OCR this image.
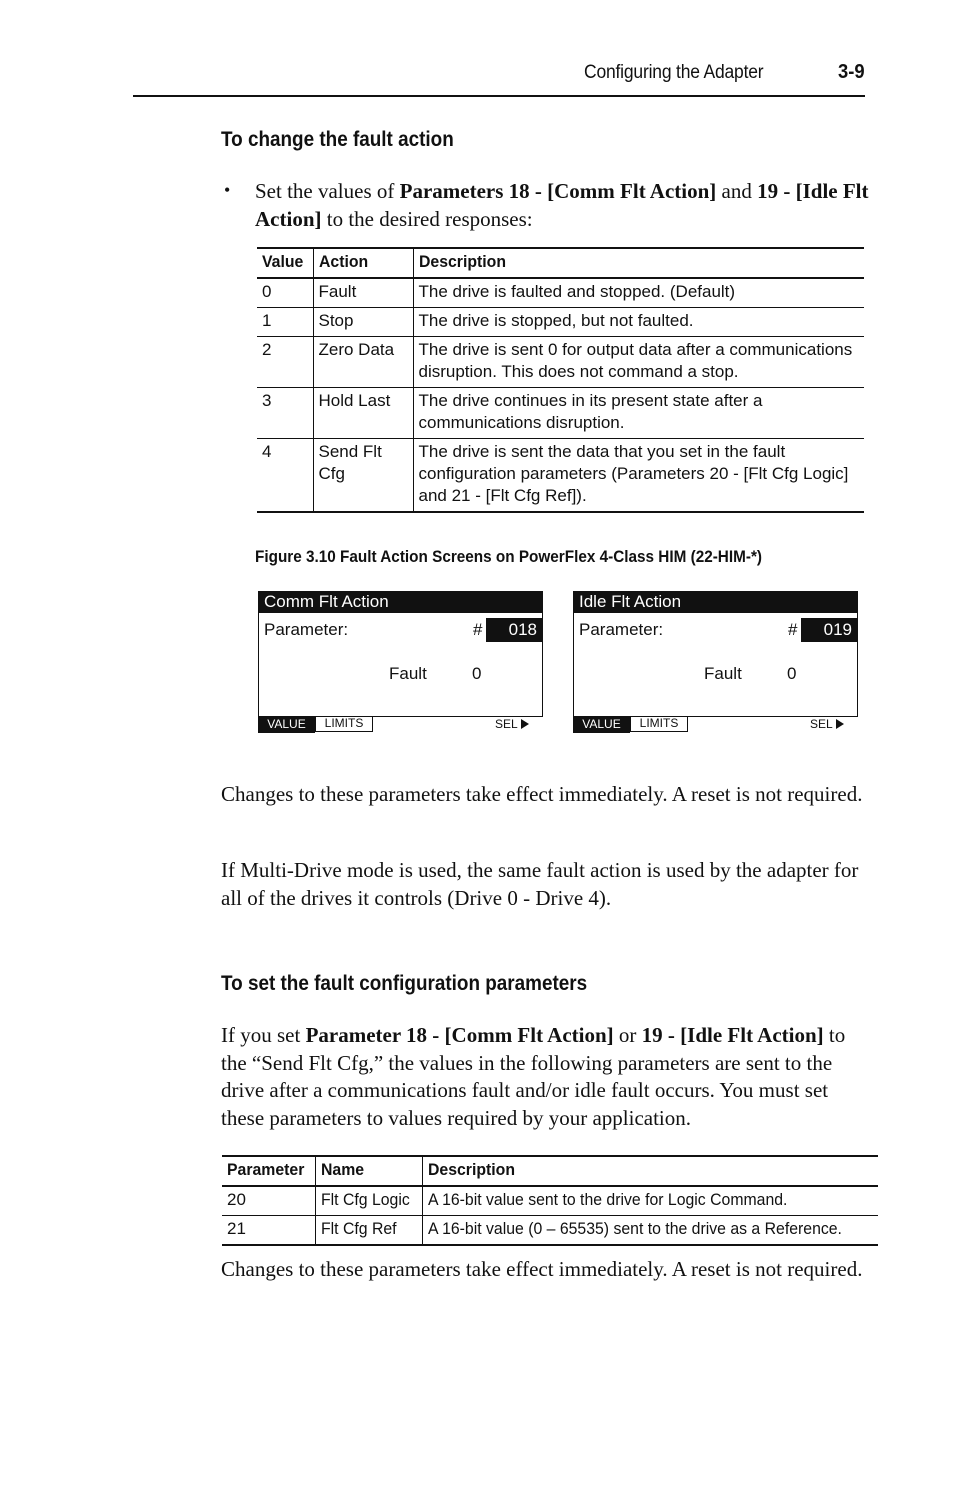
Configuring the Adapter	3-9
To change the fault action
• Set the values of Parameters 18 - [Comm Flt Action] and 19 - [Idle Flt Action] to the desired responses:
Value	Action	Description
0	Fault	The drive is faulted and stopped. (Default)
1	Stop	The drive is stopped, but not faulted.
2	Zero Data	The drive is sent 0 for output data after a communications disruption. This does not command a stop.
3	Hold Last	The drive continues in its present state after a communications disruption.
4	Send Flt Cfg	The drive is sent the data that you set in the fault configuration parameters (Parameters 20 - [Flt Cfg Logic] and 21 - [Flt Cfg Ref]).
Figure 3.10 Fault Action Screens on PowerFlex 4-Class HIM (22-HIM-*)
Comm Flt Action
Parameter:	#	018
Fault	0
VALUE	LIMITS	SEL
Idle Flt Action
Parameter:	#	019
Fault	0
VALUE	LIMITS	SEL
Changes to these parameters take effect immediately. A reset is not required.
If Multi-Drive mode is used, the same fault action is used by the adapter for all of the drives it controls (Drive 0 - Drive 4).
To set the fault configuration parameters
If you set Parameter 18 - [Comm Flt Action] or 19 - [Idle Flt Action] to the “Send Flt Cfg,” the values in the following parameters are sent to the drive after a communications fault and/or idle fault occurs. You must set these parameters to values required by your application.
Parameter	Name	Description
20	Flt Cfg Logic	A 16-bit value sent to the drive for Logic Command.
21	Flt Cfg Ref	A 16-bit value (0 – 65535) sent to the drive as a Reference.
Changes to these parameters take effect immediately. A reset is not required.
